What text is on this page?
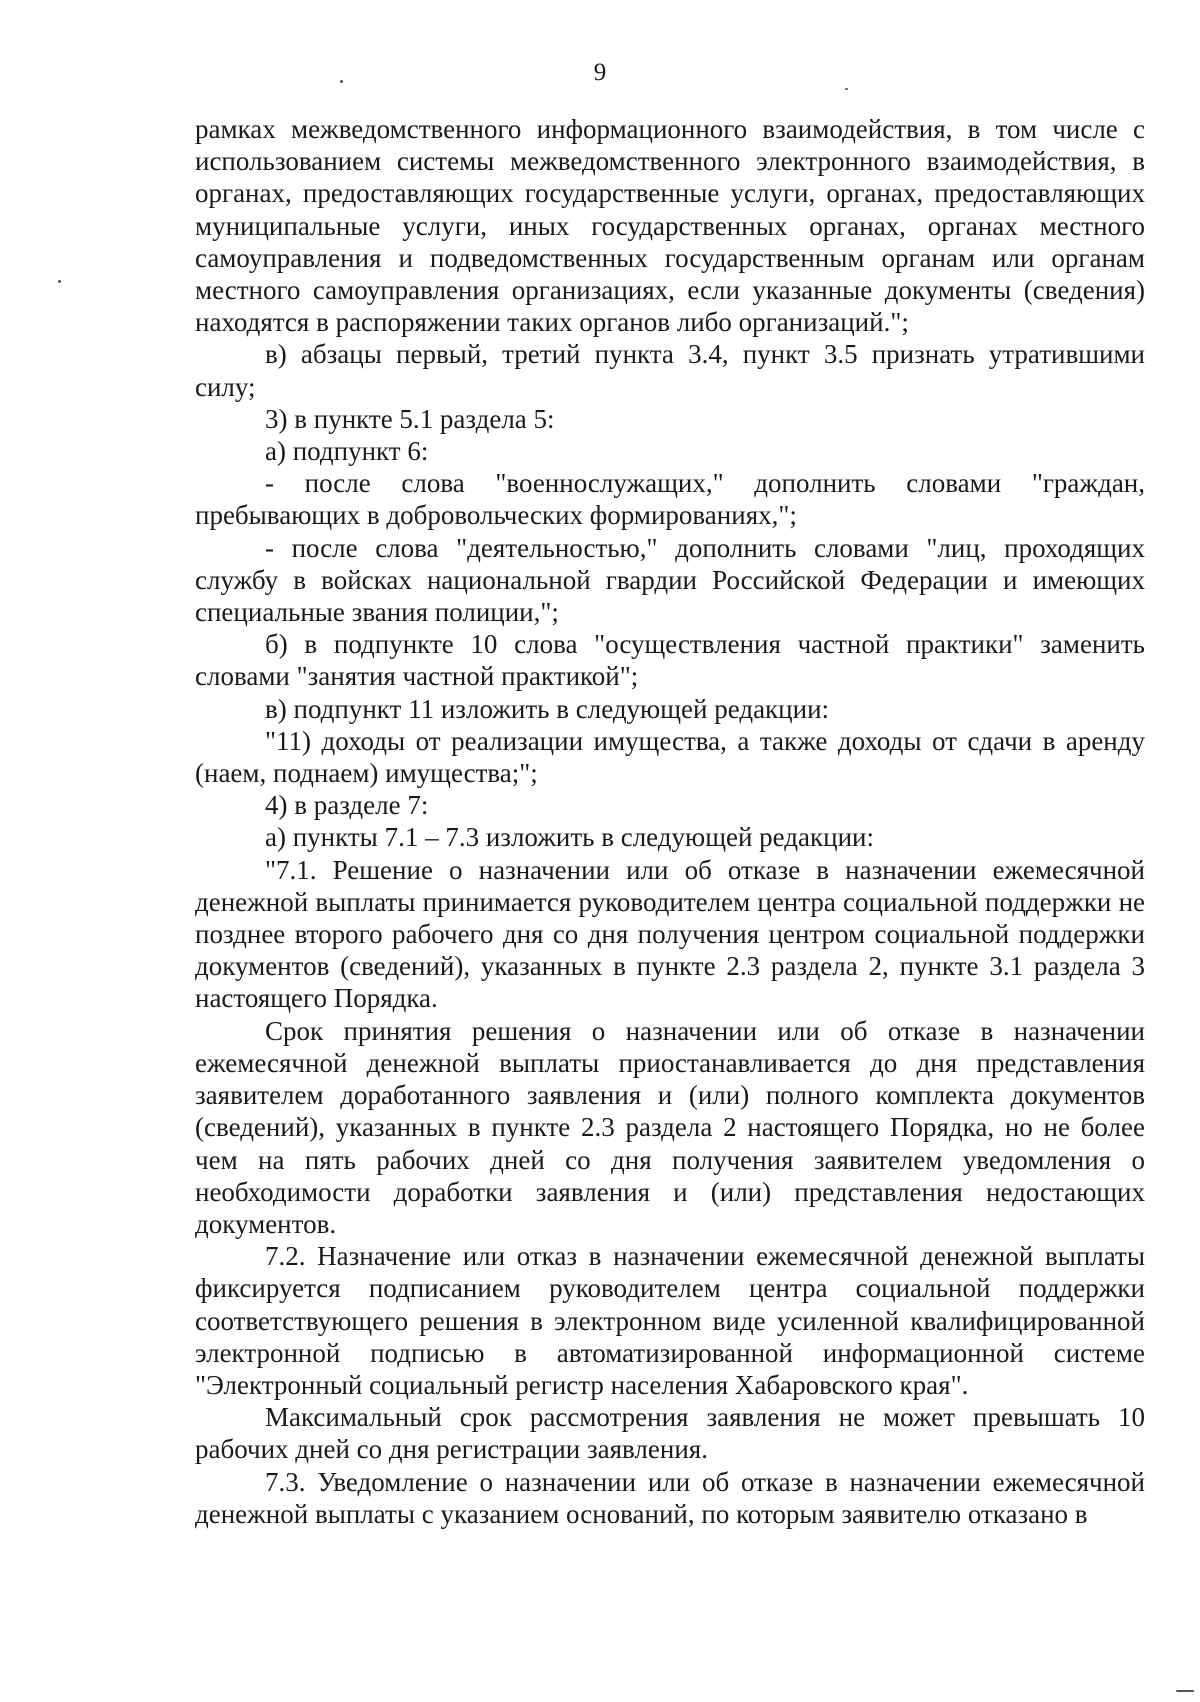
9

рамках межведомственного информационного взаимодействия, в том числе с использованием системы межведомственного электронного взаимодействия, в органах, предоставляющих государственные услуги, органах, предоставляющих муниципальные услуги, иных государственных органах, органах местного самоуправления и подведомственных государственным органам или органам местного самоуправления организациях, если указанные документы (сведения) находятся в распоряжении таких органов либо организаций.";

в) абзацы первый, третий пункта 3.4, пункт 3.5 признать утратившими силу;

3) в пункте 5.1 раздела 5:

а) подпункт 6:

- после слова "военнослужащих," дополнить словами "граждан, пребывающих в добровольческих формированиях,";

- после слова "деятельностью," дополнить словами "лиц, проходящих службу в войсках национальной гвардии Российской Федерации и имеющих специальные звания полиции,";

б) в подпункте 10 слова "осуществления частной практики" заменить словами "занятия частной практикой";

в) подпункт 11 изложить в следующей редакции:

"11) доходы от реализации имущества, а также доходы от сдачи в аренду (наем, поднаем) имущества;";

4) в разделе 7:

а) пункты 7.1 – 7.3 изложить в следующей редакции:

"7.1. Решение о назначении или об отказе в назначении ежемесячной денежной выплаты принимается руководителем центра социальной поддержки не позднее второго рабочего дня со дня получения центром социальной поддержки документов (сведений), указанных в пункте 2.3 раздела 2, пункте 3.1 раздела 3 настоящего Порядка.

Срок принятия решения о назначении или об отказе в назначении ежемесячной денежной выплаты приостанавливается до дня представления заявителем доработанного заявления и (или) полного комплекта документов (сведений), указанных в пункте 2.3 раздела 2 настоящего Порядка, но не более чем на пять рабочих дней со дня получения заявителем уведомления о необходимости доработки заявления и (или) представления недостающих документов.

7.2. Назначение или отказ в назначении ежемесячной денежной выплаты фиксируется подписанием руководителем центра социальной поддержки соответствующего решения в электронном виде усиленной квалифицированной электронной подписью в автоматизированной информационной системе "Электронный социальный регистр населения Хабаровского края".

Максимальный срок рассмотрения заявления не может превышать 10 рабочих дней со дня регистрации заявления.

7.3. Уведомление о назначении или об отказе в назначении ежемесячной денежной выплаты с указанием оснований, по которым заявителю отказано в
